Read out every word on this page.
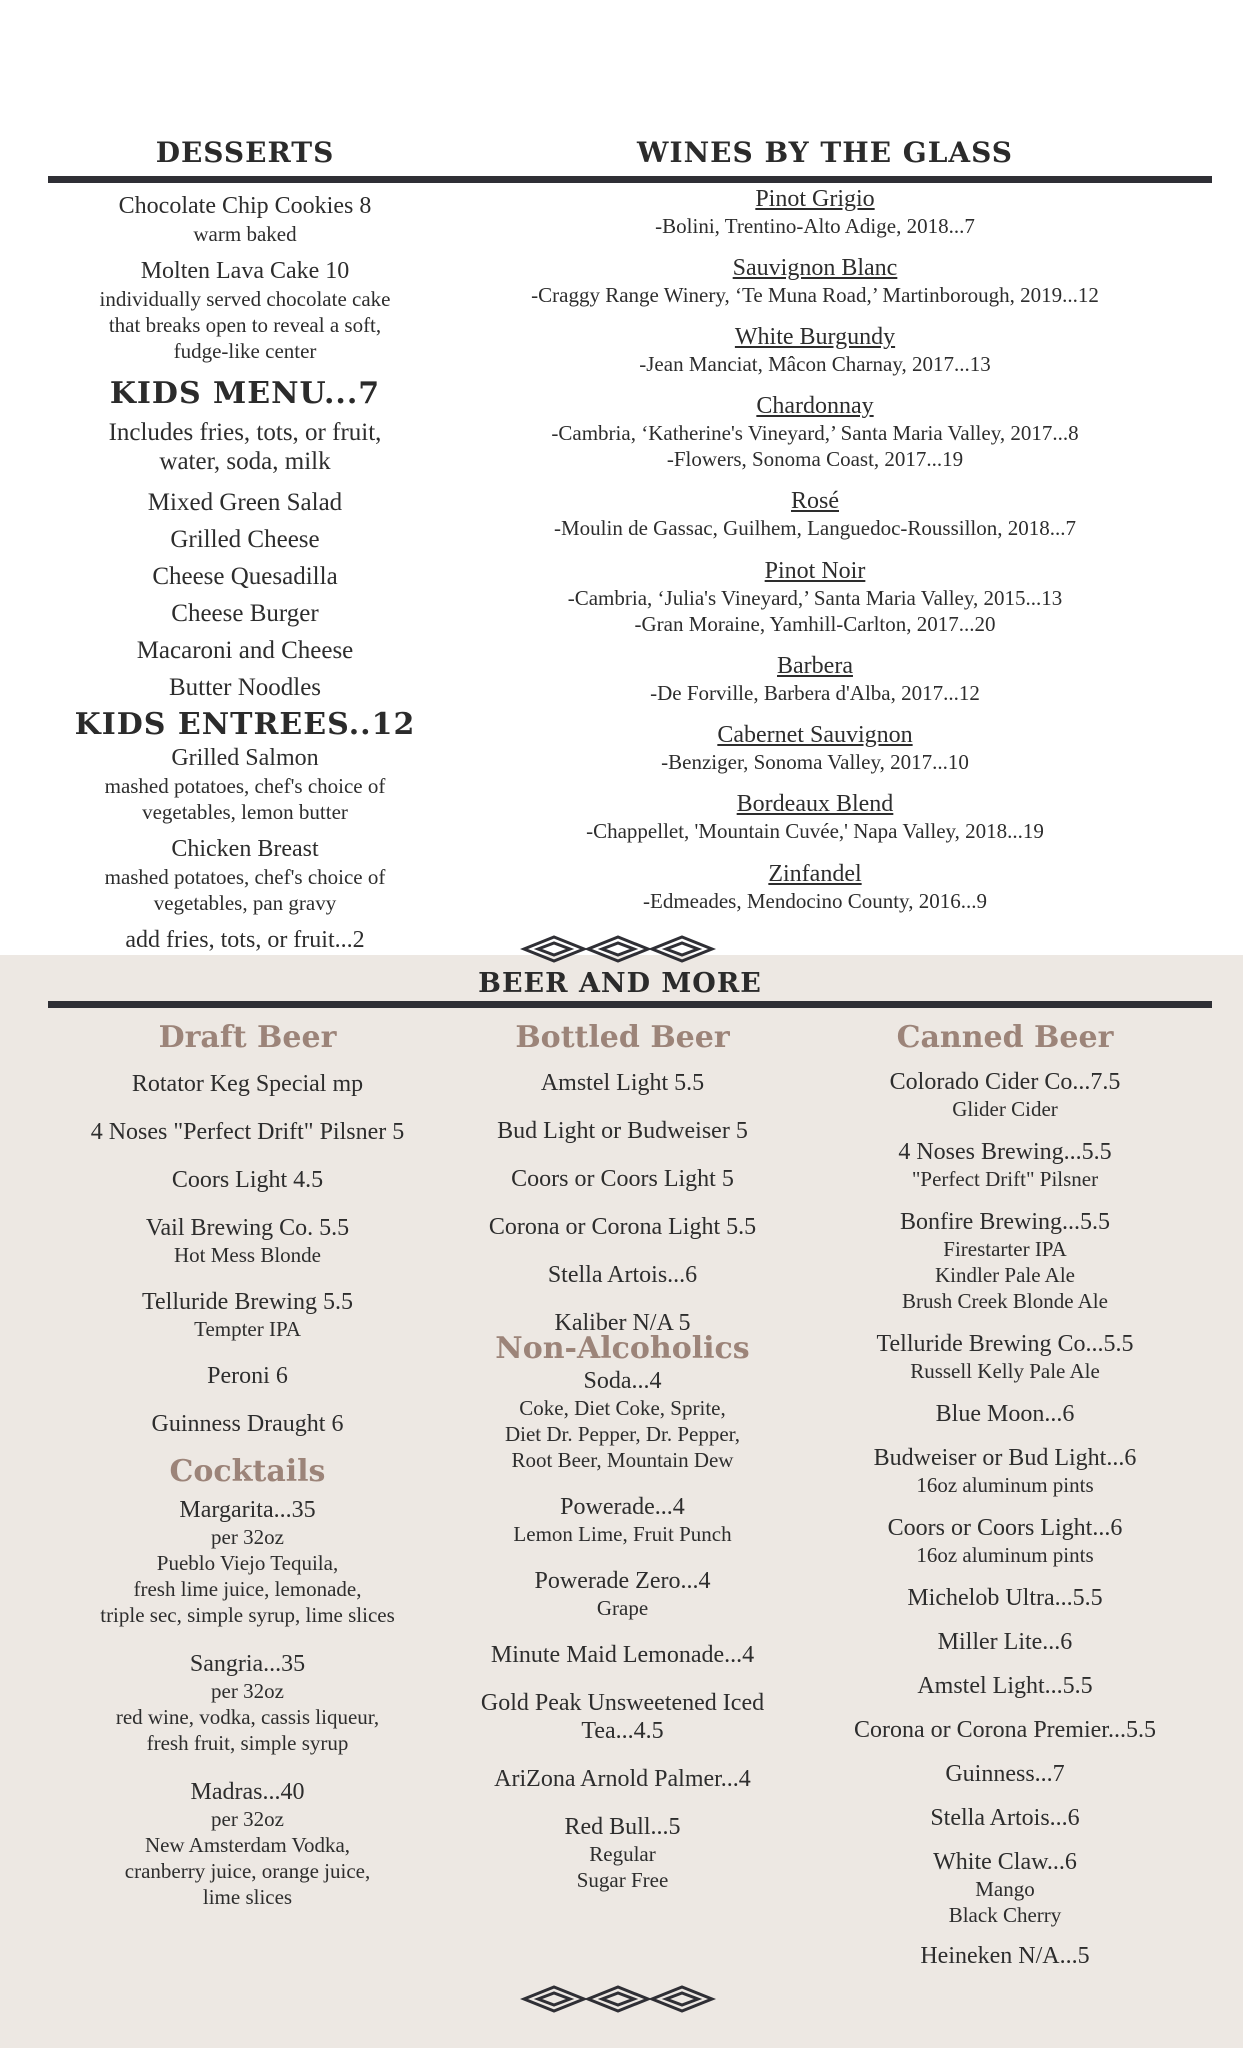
DESSERTS	WINES BY THE GLASS
Chocolate Chip Cookies 8
warm baked
Molten Lava Cake 10
individually served chocolate cake
that breaks open to reveal a soft,
fudge-like center
KIDS MENU...7
Includes fries, tots, or fruit,
water, soda, milk
Mixed Green Salad
Grilled Cheese
Cheese Quesadilla
Cheese Burger
Macaroni and Cheese
Butter Noodles
KIDS ENTREES..12
Grilled Salmon
mashed potatoes, chef's choice of
vegetables, lemon butter
Chicken Breast
mashed potatoes, chef's choice of
vegetables, pan gravy
add fries, tots, or fruit...2
Pinot Grigio
-Bolini, Trentino-Alto Adige, 2018...7
Sauvignon Blanc
-Craggy Range Winery, ‘Te Muna Road,’ Martinborough, 2019...12
White Burgundy
-Jean Manciat, Mâcon Charnay, 2017...13
Chardonnay
-Cambria, ‘Katherine's Vineyard,’ Santa Maria Valley, 2017...8
-Flowers, Sonoma Coast, 2017...19
Rosé
-Moulin de Gassac, Guilhem, Languedoc-Roussillon, 2018...7
Pinot Noir
-Cambria, ‘Julia's Vineyard,’ Santa Maria Valley, 2015...13
-Gran Moraine, Yamhill-Carlton, 2017...20
Barbera
-De Forville, Barbera d'Alba, 2017...12
Cabernet Sauvignon
-Benziger, Sonoma Valley, 2017...10
Bordeaux Blend
-Chappellet, 'Mountain Cuvée,' Napa Valley, 2018...19
Zinfandel
-Edmeades, Mendocino County, 2016...9
BEER AND MORE
Draft Beer
Rotator Keg Special mp
4 Noses "Perfect Drift" Pilsner 5
Coors Light 4.5
Vail Brewing Co. 5.5
Hot Mess Blonde
Telluride Brewing 5.5
Tempter IPA
Peroni 6
Guinness Draught 6
Cocktails
Margarita...35
per 32oz
Pueblo Viejo Tequila,
fresh lime juice, lemonade,
triple sec, simple syrup, lime slices
Sangria...35
per 32oz
red wine, vodka, cassis liqueur,
fresh fruit, simple syrup
Madras...40
per 32oz
New Amsterdam Vodka,
cranberry juice, orange juice,
lime slices
Bottled Beer
Amstel Light 5.5
Bud Light or Budweiser 5
Coors or Coors Light 5
Corona or Corona Light 5.5
Stella Artois...6
Kaliber N/A 5
Non-Alcoholics
Soda...4
Coke, Diet Coke, Sprite,
Diet Dr. Pepper, Dr. Pepper,
Root Beer, Mountain Dew
Powerade...4
Lemon Lime, Fruit Punch
Powerade Zero...4
Grape
Minute Maid Lemonade...4
Gold Peak Unsweetened Iced
Tea...4.5
AriZona Arnold Palmer...4
Red Bull...5
Regular
Sugar Free
Canned Beer
Colorado Cider Co...7.5
Glider Cider
4 Noses Brewing...5.5
"Perfect Drift" Pilsner
Bonfire Brewing...5.5
Firestarter IPA
Kindler Pale Ale
Brush Creek Blonde Ale
Telluride Brewing Co...5.5
Russell Kelly Pale Ale
Blue Moon...6
Budweiser or Bud Light...6
16oz aluminum pints
Coors or Coors Light...6
16oz aluminum pints
Michelob Ultra...5.5
Miller Lite...6
Amstel Light...5.5
Corona or Corona Premier...5.5
Guinness...7
Stella Artois...6
White Claw...6
Mango
Black Cherry
Heineken N/A...5
